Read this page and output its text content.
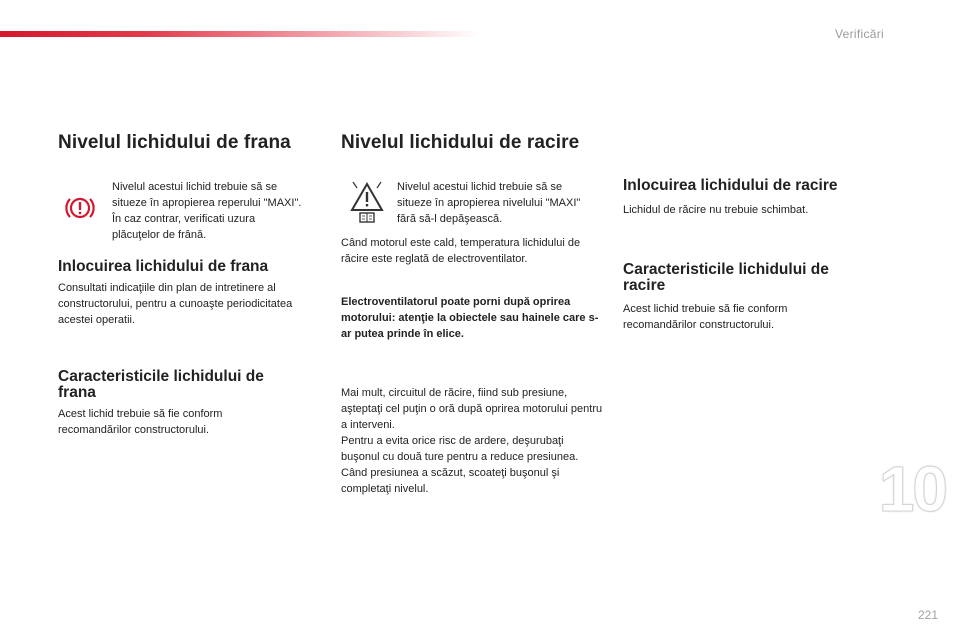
Verificări
Nivelul lichidului de frana

Nivelul acestui lichid trebuie să se situeze în apropierea reperului "MAXI". În caz contrar, verificati uzura plăcuţelor de frână.

Inlocuirea lichidului de frana

Consultati indicaţiile din plan de intretinere al constructorului, pentru a cunoaşte periodicitatea acestei operatii.

Caracteristicile lichidului de frana

Acest lichid trebuie să fie conform recomandărilor constructorului.

Nivelul lichidului de racire

Nivelul acestui lichid trebuie să se situeze în apropierea nivelului "MAXI" fără să-l depăşească.

Când motorul este cald, temperatura lichidului de răcire este reglată de electroventilator.

Electroventilatorul poate porni după oprirea motorului: atenţie la obiectele sau hainele care s-ar putea prinde în elice.

Mai mult, circuitul de răcire, fiind sub presiune, aşteptaţi cel puţin o oră după oprirea motorului pentru a interveni.

Pentru a evita orice risc de ardere, deşurubaţi buşonul cu două ture pentru a reduce presiunea. Când presiunea a scăzut, scoateţi buşonul şi completaţi nivelul.

Inlocuirea lichidului de racire

Lichidul de răcire nu trebuie schimbat.

Caracteristicile lichidului de racire

Acest lichid trebuie să fie conform recomandărilor constructorului.

10
221
